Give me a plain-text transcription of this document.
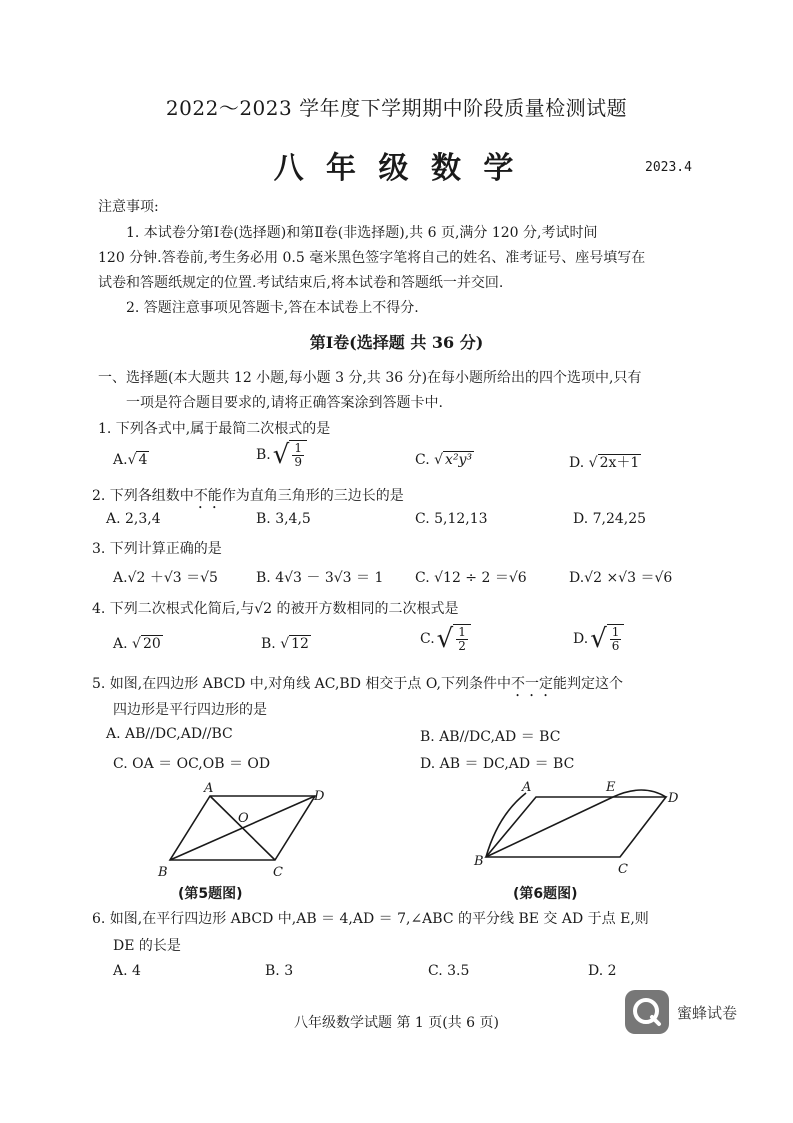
2022～2023 学年度下学期期中阶段质量检测试题
八 年 级 数 学	2023.4
注意事项:
1. 本试卷分第Ⅰ卷(选择题)和第Ⅱ卷(非选择题),共 6 页,满分 120 分,考试时间
120 分钟.答卷前,考生务必用 0.5 毫米黑色签字笔将自己的姓名、准考证号、座号填写在
试卷和答题纸规定的位置.考试结束后,将本试卷和答题纸一并交回.
2. 答题注意事项见答题卡,答在本试卷上不得分.
第Ⅰ卷(选择题 共 36 分)
一、选择题(本大题共 12 小题,每小题 3 分,共 36 分)在每小题所给出的四个选项中,只有
一项是符合题目要求的,请将正确答案涂到答题卡中.
1. 下列各式中,属于最简二次根式的是
A.√ 4	B. √ $\frac{1}{9}$	C. √ x²y³	D. √ 2x＋1
2. 下列各组数中不能作为直角三角形的三边长的是
A. 2,3,4	B. 3,4,5	C. 5,12,13	D. 7,24,25
3. 下列计算正确的是
A.√2 ＋√3 ＝√5	B. 4√3 － 3√3 ＝ 1 C. √12 ÷ 2 ＝√6	D.√2 ×√3 ＝√6
4. 下列二次根式化简后,与√2 的被开方数相同的二次根式是
A. √ 20	B. √ 12	C. √ $\frac{1}{2}$	D. √ $\frac{1}{6}$
5. 如图,在四边形 ABCD 中,对角线 AC,BD 相交于点 O,下列条件中不一定能判定这个
四边形是平行四边形的是
A. AB//DC,AD//BC	B. AB//DC,AD ＝ BC
C. OA ＝ OC,OB ＝ OD	D. AB ＝ DC,AD ＝ BC
A
D
B	C
O
(第5题图)
A	E
D
B
C
(第6题图)
6. 如图,在平行四边形 ABCD 中,AB ＝ 4,AD ＝ 7,∠ABC 的平分线 BE 交 AD 于点 E,则
DE 的长是
A. 4	B. 3	C. 3.5	D. 2
八年级数学试题 第 1 页(共 6 页)
蜜蜂试卷
